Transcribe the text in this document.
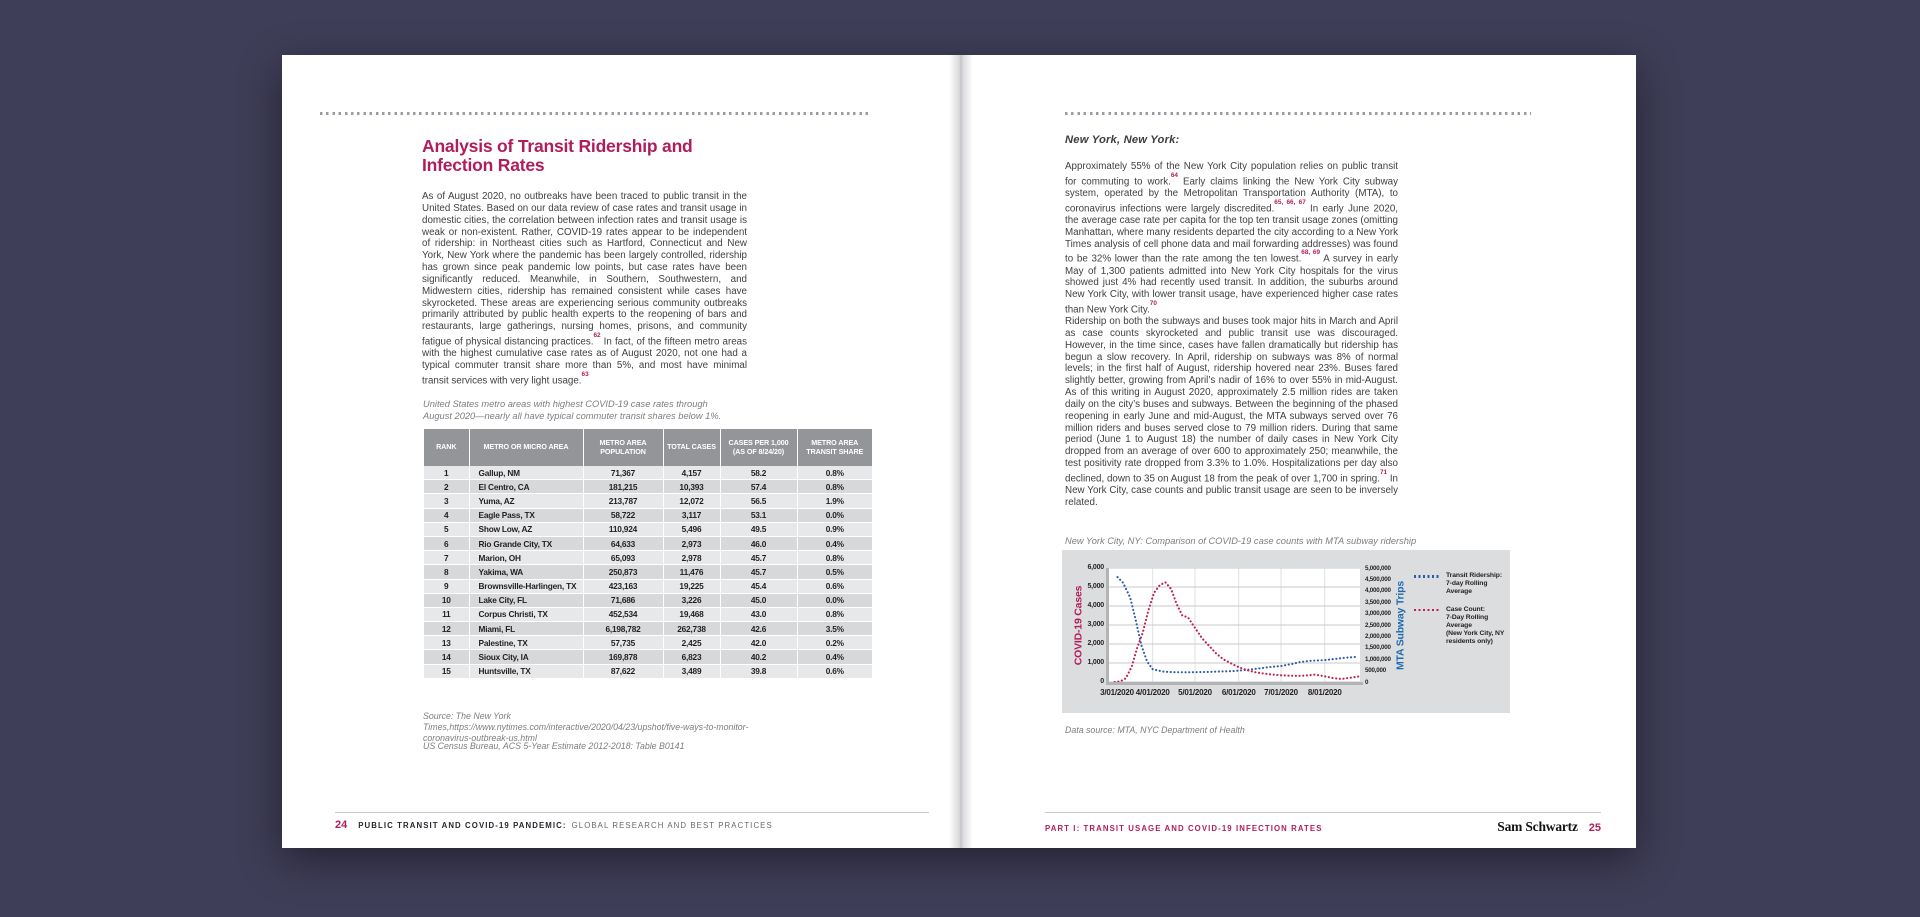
Analysis of Transit Ridership and
Infection Rates
As of August 2020, no outbreaks have been traced to public transit in the United States. Based on our data review of case rates and transit usage in domestic cities, the correlation between infection rates and transit usage is weak or non-existent. Rather, COVID-19 rates appear to be independent of ridership: in Northeast cities such as Hartford, Connecticut and New York, New York where the pandemic has been largely controlled, ridership has grown since peak pandemic low points, but case rates have been significantly reduced. Meanwhile, in Southern, Southwestern, and Midwestern cities, ridership has remained consistent while cases have skyrocketed. These areas are experiencing serious community outbreaks primarily attributed by public health experts to the reopening of bars and restaurants, large gatherings, nursing homes, prisons, and community fatigue of physical distancing practices.$^{62}$ In fact, of the fifteen metro areas with the highest cumulative case rates as of August 2020, not one had a typical commuter transit share more than 5%, and most have minimal transit services with very light usage.$^{63}$
United States metro areas with highest COVID-19 case rates through August 2020—nearly all have typical commuter transit shares below 1%.
RANK	METRO OR MICRO AREA	METRO AREA POPULATION	TOTAL CASES	CASES PER 1,000 (AS OF 8/24/20)	METRO AREA TRANSIT SHARE
1	Gallup, NM	71,367	4,157	58.2	0.8%
2	El Centro, CA	181,215	10,393	57.4	0.8%
3	Yuma, AZ	213,787	12,072	56.5	1.9%
4	Eagle Pass, TX	58,722	3,117	53.1	0.0%
5	Show Low, AZ	110,924	5,496	49.5	0.9%
6	Rio Grande City, TX	64,633	2,973	46.0	0.4%
7	Marion, OH	65,093	2,978	45.7	0.8%
8	Yakima, WA	250,873	11,476	45.7	0.5%
9	Brownsville-Harlingen, TX	423,163	19,225	45.4	0.6%
10	Lake City, FL	71,686	3,226	45.0	0.0%
11	Corpus Christi, TX	452,534	19,468	43.0	0.8%
12	Miami, FL	6,198,782	262,738	42.6	3.5%
13	Palestine, TX	57,735	2,425	42.0	0.2%
14	Sioux City, IA	169,878	6,823	40.2	0.4%
15	Huntsville, TX	87,622	3,489	39.8	0.6%
Source: The New York Times,https://www.nytimes.com/interactive/2020/04/23/upshot/five-ways-to-monitor-coronavirus-outbreak-us.html
US Census Bureau, ACS 5-Year Estimate 2012-2018: Table B0141
24 PUBLIC TRANSIT AND COVID-19 PANDEMIC: GLOBAL RESEARCH AND BEST PRACTICES
New York, New York:
Approximately 55% of the New York City population relies on public transit for commuting to work.$^{64}$ Early claims linking the New York City subway system, operated by the Metropolitan Transportation Authority (MTA), to coronavirus infections were largely discredited.$^{65, 66, 67}$ In early June 2020, the average case rate per capita for the top ten transit usage zones (omitting Manhattan, where many residents departed the city according to a New York Times analysis of cell phone data and mail forwarding addresses) was found to be 32% lower than the rate among the ten lowest.$^{68, 69}$ A survey in early May of 1,300 patients admitted into New York City hospitals for the virus showed just 4% had recently used transit. In addition, the suburbs around New York City, with lower transit usage, have experienced higher case rates than New York City.$^{70}$
Ridership on both the subways and buses took major hits in March and April as case counts skyrocketed and public transit use was discouraged. However, in the time since, cases have fallen dramatically but ridership has begun a slow recovery. In April, ridership on subways was 8% of normal levels; in the first half of August, ridership hovered near 23%. Buses fared slightly better, growing from April’s nadir of 16% to over 55% in mid-August. As of this writing in August 2020, approximately 2.5 million rides are taken daily on the city’s buses and subways. Between the beginning of the phased reopening in early June and mid-August, the MTA subways served over 76 million riders and buses served close to 79 million riders. During that same period (June 1 to August 18) the number of daily cases in New York City dropped from an average of over 600 to approximately 250; meanwhile, the test positivity rate dropped from 3.3% to 1.0%. Hospitalizations per day also declined, down to 35 on August 18 from the peak of over 1,700 in spring.$^{71}$ In New York City, case counts and public transit usage are seen to be inversely related.
New York City, NY: Comparison of COVID-19 case counts with MTA subway ridership
COVID-19 Cases	MTA Subway Trips
Transit Ridership:
7-day Rolling Average
Case Count:
7-Day Rolling Average
(New York City, NY
residents only)
0
1,000
2,000
3,000
4,000
5,000
6,000
0
500,000
1,000,000
1,500,000
2,000,000
2,500,000
3,000,000
3,500,000
4,000,000
4,500,000
5,000,000
3/01/2020 4/01/2020 5/01/2020 6/01/2020 7/01/2020 8/01/2020
Data source: MTA, NYC Department of Health
PART I: TRANSIT USAGE AND COVID-19 INFECTION RATES	Sam Schwartz 25
